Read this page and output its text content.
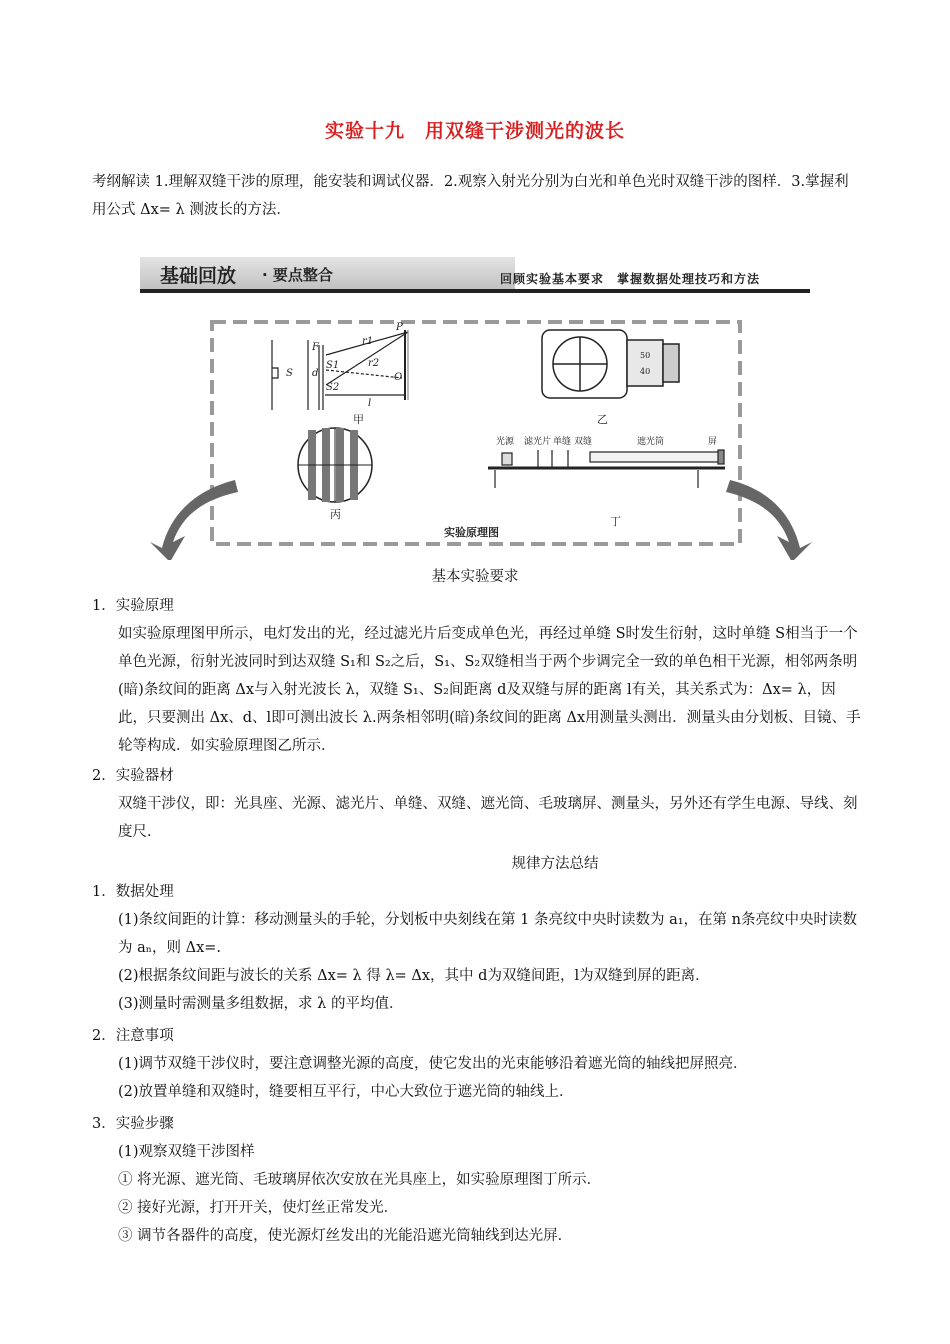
实验十九　用双缝干涉测光的波长
考纲解读 1.理解双缝干涉的原理，能安装和调试仪器．2.观察入射光分别为白光和单色光时双缝干涉的图样．3.掌握利用公式 Δx= λ 测波长的方法．
基础回放 · 要点整合	回顾实验基本要求　掌握数据处理技巧和方法
P
r1
r2
S
S1
S2
F
d	O
l
甲
丙
50
40
乙
光源 滤光片 单缝 双缝	遮光筒	屏
丁
实验原理图
基本实验要求
1．实验原理
如实验原理图甲所示，电灯发出的光，经过滤光片后变成单色光，再经过单缝 S时发生衍射，这时单缝 S相当于一个单色光源，衍射光波同时到达双缝 S₁和 S₂之后，S₁、S₂双缝相当于两个步调完全一致的单色相干光源，相邻两条明(暗)条纹间的距离 Δx与入射光波长 λ，双缝 S₁、S₂间距离 d及双缝与屏的距离 l有关，其关系式为：Δx= λ，因此，只要测出 Δx、d、l即可测出波长 λ.两条相邻明(暗)条纹间的距离 Δx用测量头测出．测量头由分划板、目镜、手轮等构成．如实验原理图乙所示．
2．实验器材
双缝干涉仪，即：光具座、光源、滤光片、单缝、双缝、遮光筒、毛玻璃屏、测量头，另外还有学生电源、导线、刻度尺．
规律方法总结
1．数据处理
(1)条纹间距的计算：移动测量头的手轮，分划板中央刻线在第 1 条亮纹中央时读数为 a₁，在第 n条亮纹中央时读数为 aₙ，则 Δx=.
(2)根据条纹间距与波长的关系 Δx= λ 得 λ= Δx，其中 d为双缝间距，l为双缝到屏的距离．
(3)测量时需测量多组数据，求 λ 的平均值．
2．注意事项
(1)调节双缝干涉仪时，要注意调整光源的高度，使它发出的光束能够沿着遮光筒的轴线把屏照亮．
(2)放置单缝和双缝时，缝要相互平行，中心大致位于遮光筒的轴线上．
3．实验步骤
(1)观察双缝干涉图样
① 将光源、遮光筒、毛玻璃屏依次安放在光具座上，如实验原理图丁所示．
② 接好光源，打开开关，使灯丝正常发光．
③ 调节各器件的高度，使光源灯丝发出的光能沿遮光筒轴线到达光屏．
